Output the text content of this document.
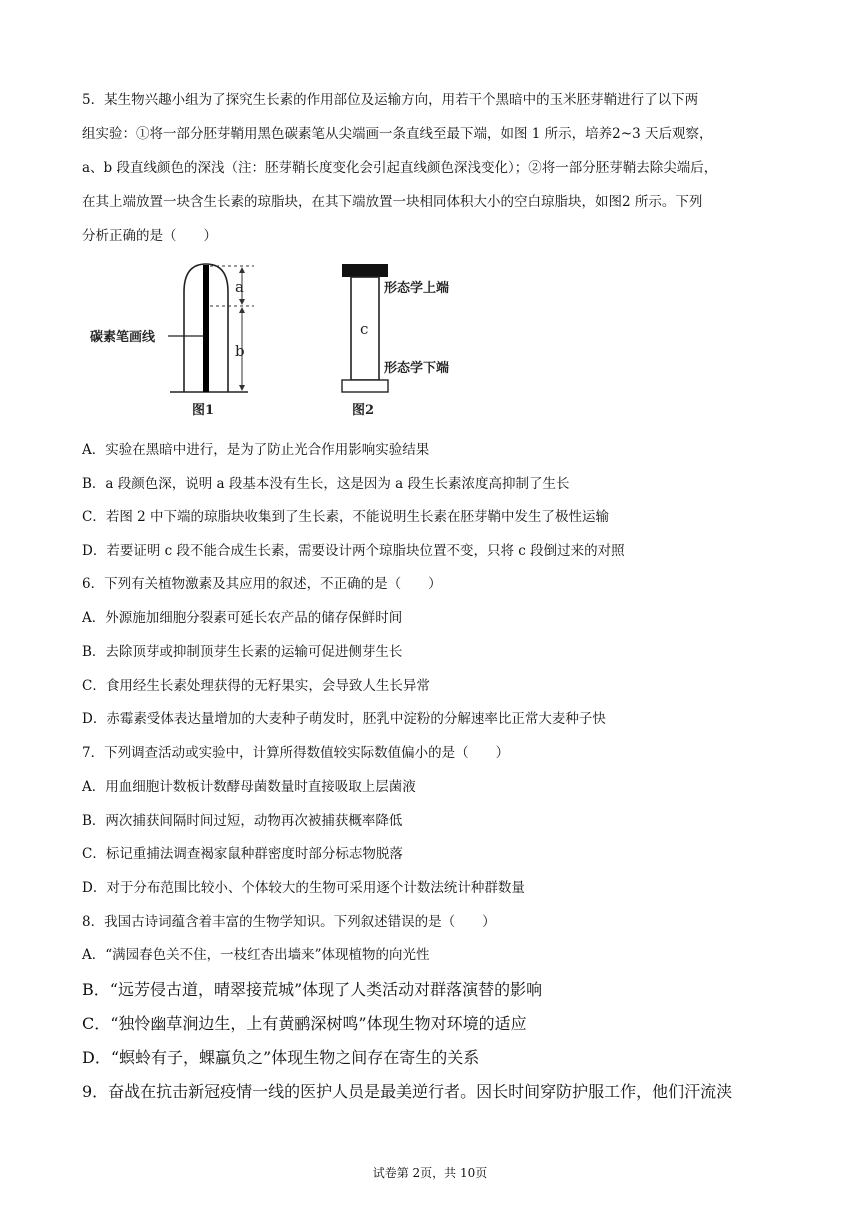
5．某生物兴趣小组为了探究生长素的作用部位及运输方向，用若干个黑暗中的玉米胚芽鞘进行了以下两
组实验：①将一部分胚芽鞘用黑色碳素笔从尖端画一条直线至最下端，如图 1 所示，培养2~3 天后观察，
a、b 段直线颜色的深浅（注：胚芽鞘长度变化会引起直线颜色深浅变化）；②将一部分胚芽鞘去除尖端后，
在其上端放置一块含生长素的琼脂块，在其下端放置一块相同体积大小的空白琼脂块，如图2 所示。下列
分析正确的是（　　）
碳素笔画线
a
b
图1
形态学上端
c
形态学下端
图2
A．实验在黑暗中进行，是为了防止光合作用影响实验结果
B．a 段颜色深，说明 a 段基本没有生长，这是因为 a 段生长素浓度高抑制了生长
C．若图 2 中下端的琼脂块收集到了生长素，不能说明生长素在胚芽鞘中发生了极性运输
D．若要证明 c 段不能合成生长素，需要设计两个琼脂块位置不变，只将 c 段倒过来的对照
6．下列有关植物激素及其应用的叙述，不正确的是（　　）
A．外源施加细胞分裂素可延长农产品的储存保鲜时间
B．去除顶芽或抑制顶芽生长素的运输可促进侧芽生长
C．食用经生长素处理获得的无籽果实，会导致人生长异常
D．赤霉素受体表达量增加的大麦种子萌发时，胚乳中淀粉的分解速率比正常大麦种子快
7．下列调查活动或实验中，计算所得数值较实际数值偏小的是（　　）
A．用血细胞计数板计数酵母菌数量时直接吸取上层菌液
B．两次捕获间隔时间过短，动物再次被捕获概率降低
C．标记重捕法调查褐家鼠种群密度时部分标志物脱落
D．对于分布范围比较小、个体较大的生物可采用逐个计数法统计种群数量
8．我国古诗词蕴含着丰富的生物学知识。下列叙述错误的是（　　）
A．“满园春色关不住，一枝红杏出墙来”体现植物的向光性
B．“远芳侵古道，晴翠接荒城”体现了人类活动对群落演替的影响
C．“独怜幽草涧边生，上有黄鹂深树鸣”体现生物对环境的适应
D．“螟蛉有子，蜾蠃负之”体现生物之间存在寄生的关系
9．奋战在抗击新冠疫情一线的医护人员是最美逆行者。因长时间穿防护服工作，他们汗流浃
试卷第 2页，共 10页
